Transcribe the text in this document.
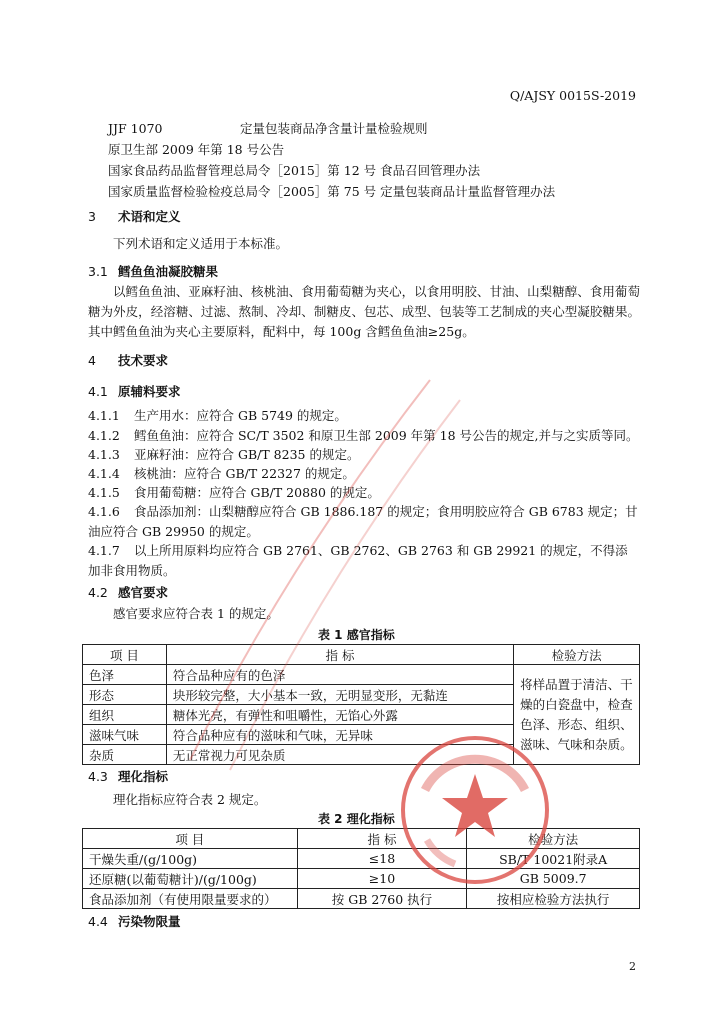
Q/AJSY 0015S-2019
JJF 1070	定量包装商品净含量计量检验规则
原卫生部 2009 年第 18 号公告
国家食品药品监督管理总局令［2015］第 12 号 食品召回管理办法
国家质量监督检验检疫总局令［2005］第 75 号 定量包装商品计量监督管理办法
3 术语和定义
下列术语和定义适用于本标准。
3.1 鳕鱼鱼油凝胶糖果
以鳕鱼鱼油、亚麻籽油、核桃油、食用葡萄糖为夹心，以食用明胶、甘油、山梨糖醇、食用葡萄糖为外皮，经溶糖、过滤、熬制、冷却、制糖皮、包芯、成型、包装等工艺制成的夹心型凝胶糖果。其中鳕鱼鱼油为夹心主要原料，配料中，每 100g 含鳕鱼鱼油≥25g。
4 技术要求
4.1 原辅料要求
4.1.1 生产用水：应符合 GB 5749 的规定。
4.1.2 鳕鱼鱼油：应符合 SC/T 3502 和原卫生部 2009 年第 18 号公告的规定,并与之实质等同。
4.1.3 亚麻籽油：应符合 GB/T 8235 的规定。
4.1.4 核桃油：应符合 GB/T 22327 的规定。
4.1.5 食用葡萄糖：应符合 GB/T 20880 的规定。
4.1.6 食品添加剂：山梨糖醇应符合 GB 1886.187 的规定；食用明胶应符合 GB 6783 规定；甘油应符合 GB 29950 的规定。
4.1.7 以上所用原料均应符合 GB 2761、GB 2762、GB 2763 和 GB 29921 的规定，不得添加非食用物质。
4.2 感官要求
感官要求应符合表 1 的规定。
表 1 感官指标
项 目	指 标	检验方法
色泽	符合品种应有的色泽	将样品置于清洁、干燥的白瓷盘中，检查色泽、形态、组织、滋味、气味和杂质。
形态	块形较完整，大小基本一致，无明显变形，无黏连	
组织	糖体光亮，有弹性和咀嚼性，无馅心外露	
滋味气味	符合品种应有的滋味和气味，无异味	
杂质	无正常视力可见杂质	
4.3 理化指标
理化指标应符合表 2 规定。
表 2 理化指标
项 目	指 标	检验方法
干燥失重/(g/100g)	≤18	SB/T 10021附录A
还原糖(以葡萄糖计)/(g/100g)	≥10	GB 5009.7
食品添加剂（有使用限量要求的）	按 GB 2760 执行	按相应检验方法执行
4.4 污染物限量
2
